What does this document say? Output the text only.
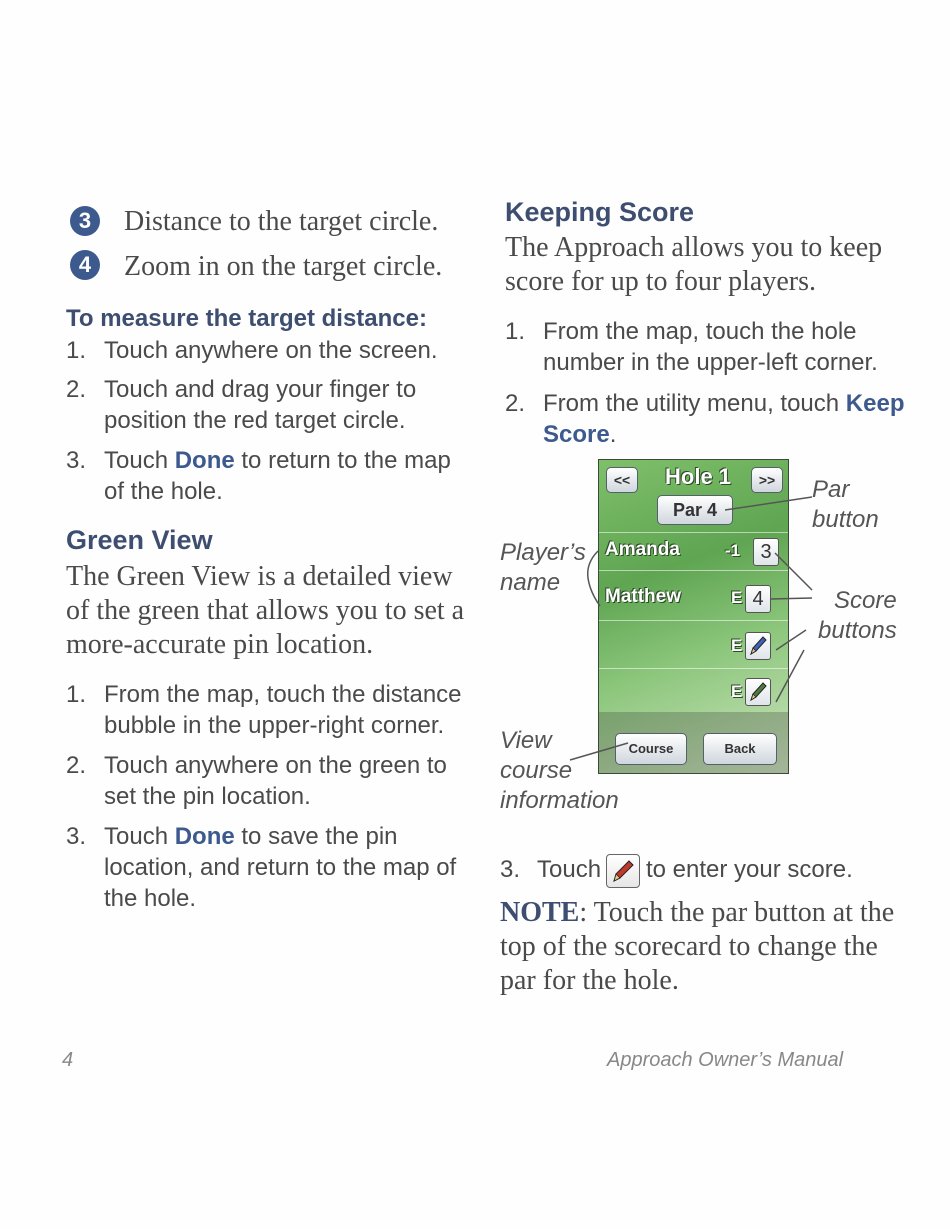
3	Distance to the target circle.
4	Zoom in on the target circle.
To measure the target distance:
1. Touch anywhere on the screen.
2. Touch and drag your finger to
position the red target circle.
3. Touch Done to return to the map
of the hole.
Green View
The Green View is a detailed view
of the green that allows you to set a
more-accurate pin location.
1. From the map, touch the distance
bubble in the upper-right corner.
2. Touch anywhere on the green to
set the pin location.
3. Touch Done to save the pin
location, and return to the map of
the hole.
Keeping Score
The Approach allows you to keep
score for up to four players.
1. From the map, touch the hole
number in the upper-left corner.
2. From the utility menu, touch Keep
Score.
<<	Hole 1	>>
Par 4
Amanda	-1	3
Matthew	E 4
E
E
Course	Back
Par
button
Player’s
name
Score
buttons
View
course
information
3. Touch to enter your score.
NOTE: Touch the par button at the
top of the scorecard to change the
par for the hole.
4	Approach Owner’s Manual
